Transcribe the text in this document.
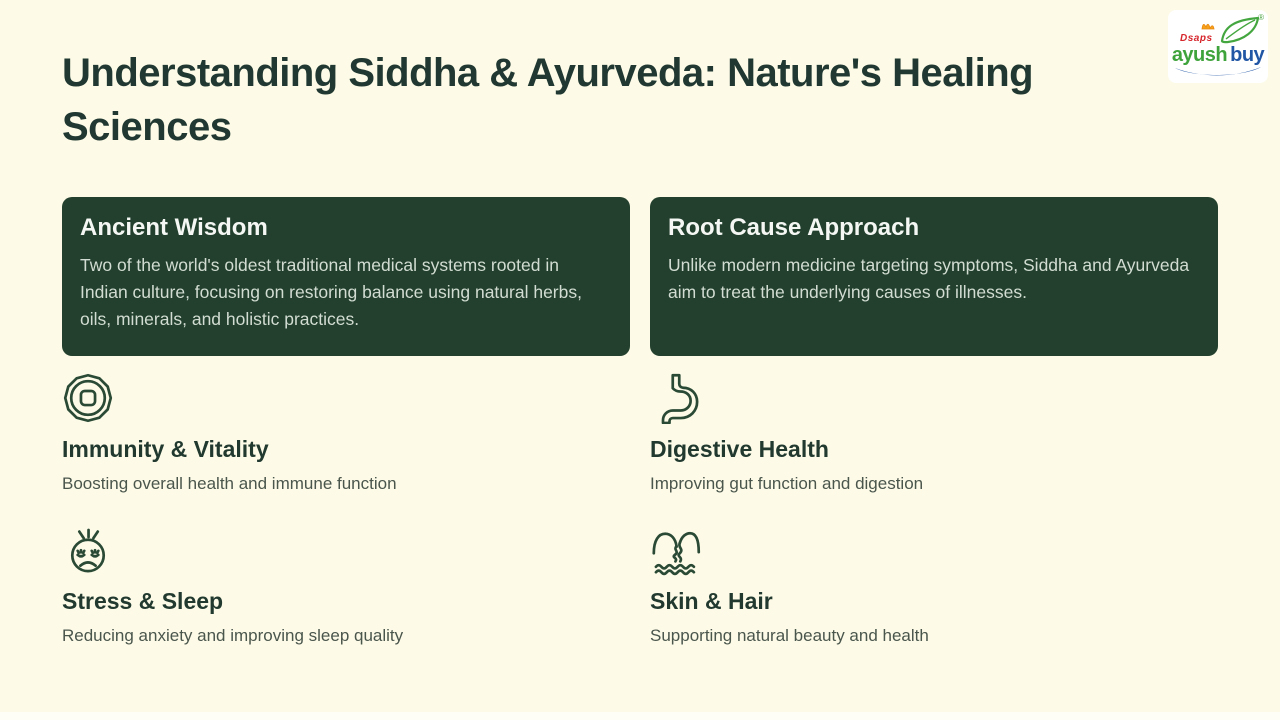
Dsaps
®
ayush buy
Understanding Siddha & Ayurveda: Nature's Healing Sciences
Ancient Wisdom
Two of the world's oldest traditional medical systems rooted in Indian culture, focusing on restoring balance using natural herbs, oils, minerals, and holistic practices.
Root Cause Approach
Unlike modern medicine targeting symptoms, Siddha and Ayurveda aim to treat the underlying causes of illnesses.
Immunity & Vitality
Boosting overall health and immune function
Digestive Health
Improving gut function and digestion
Stress & Sleep
Reducing anxiety and improving sleep quality
Skin & Hair
Supporting natural beauty and health
